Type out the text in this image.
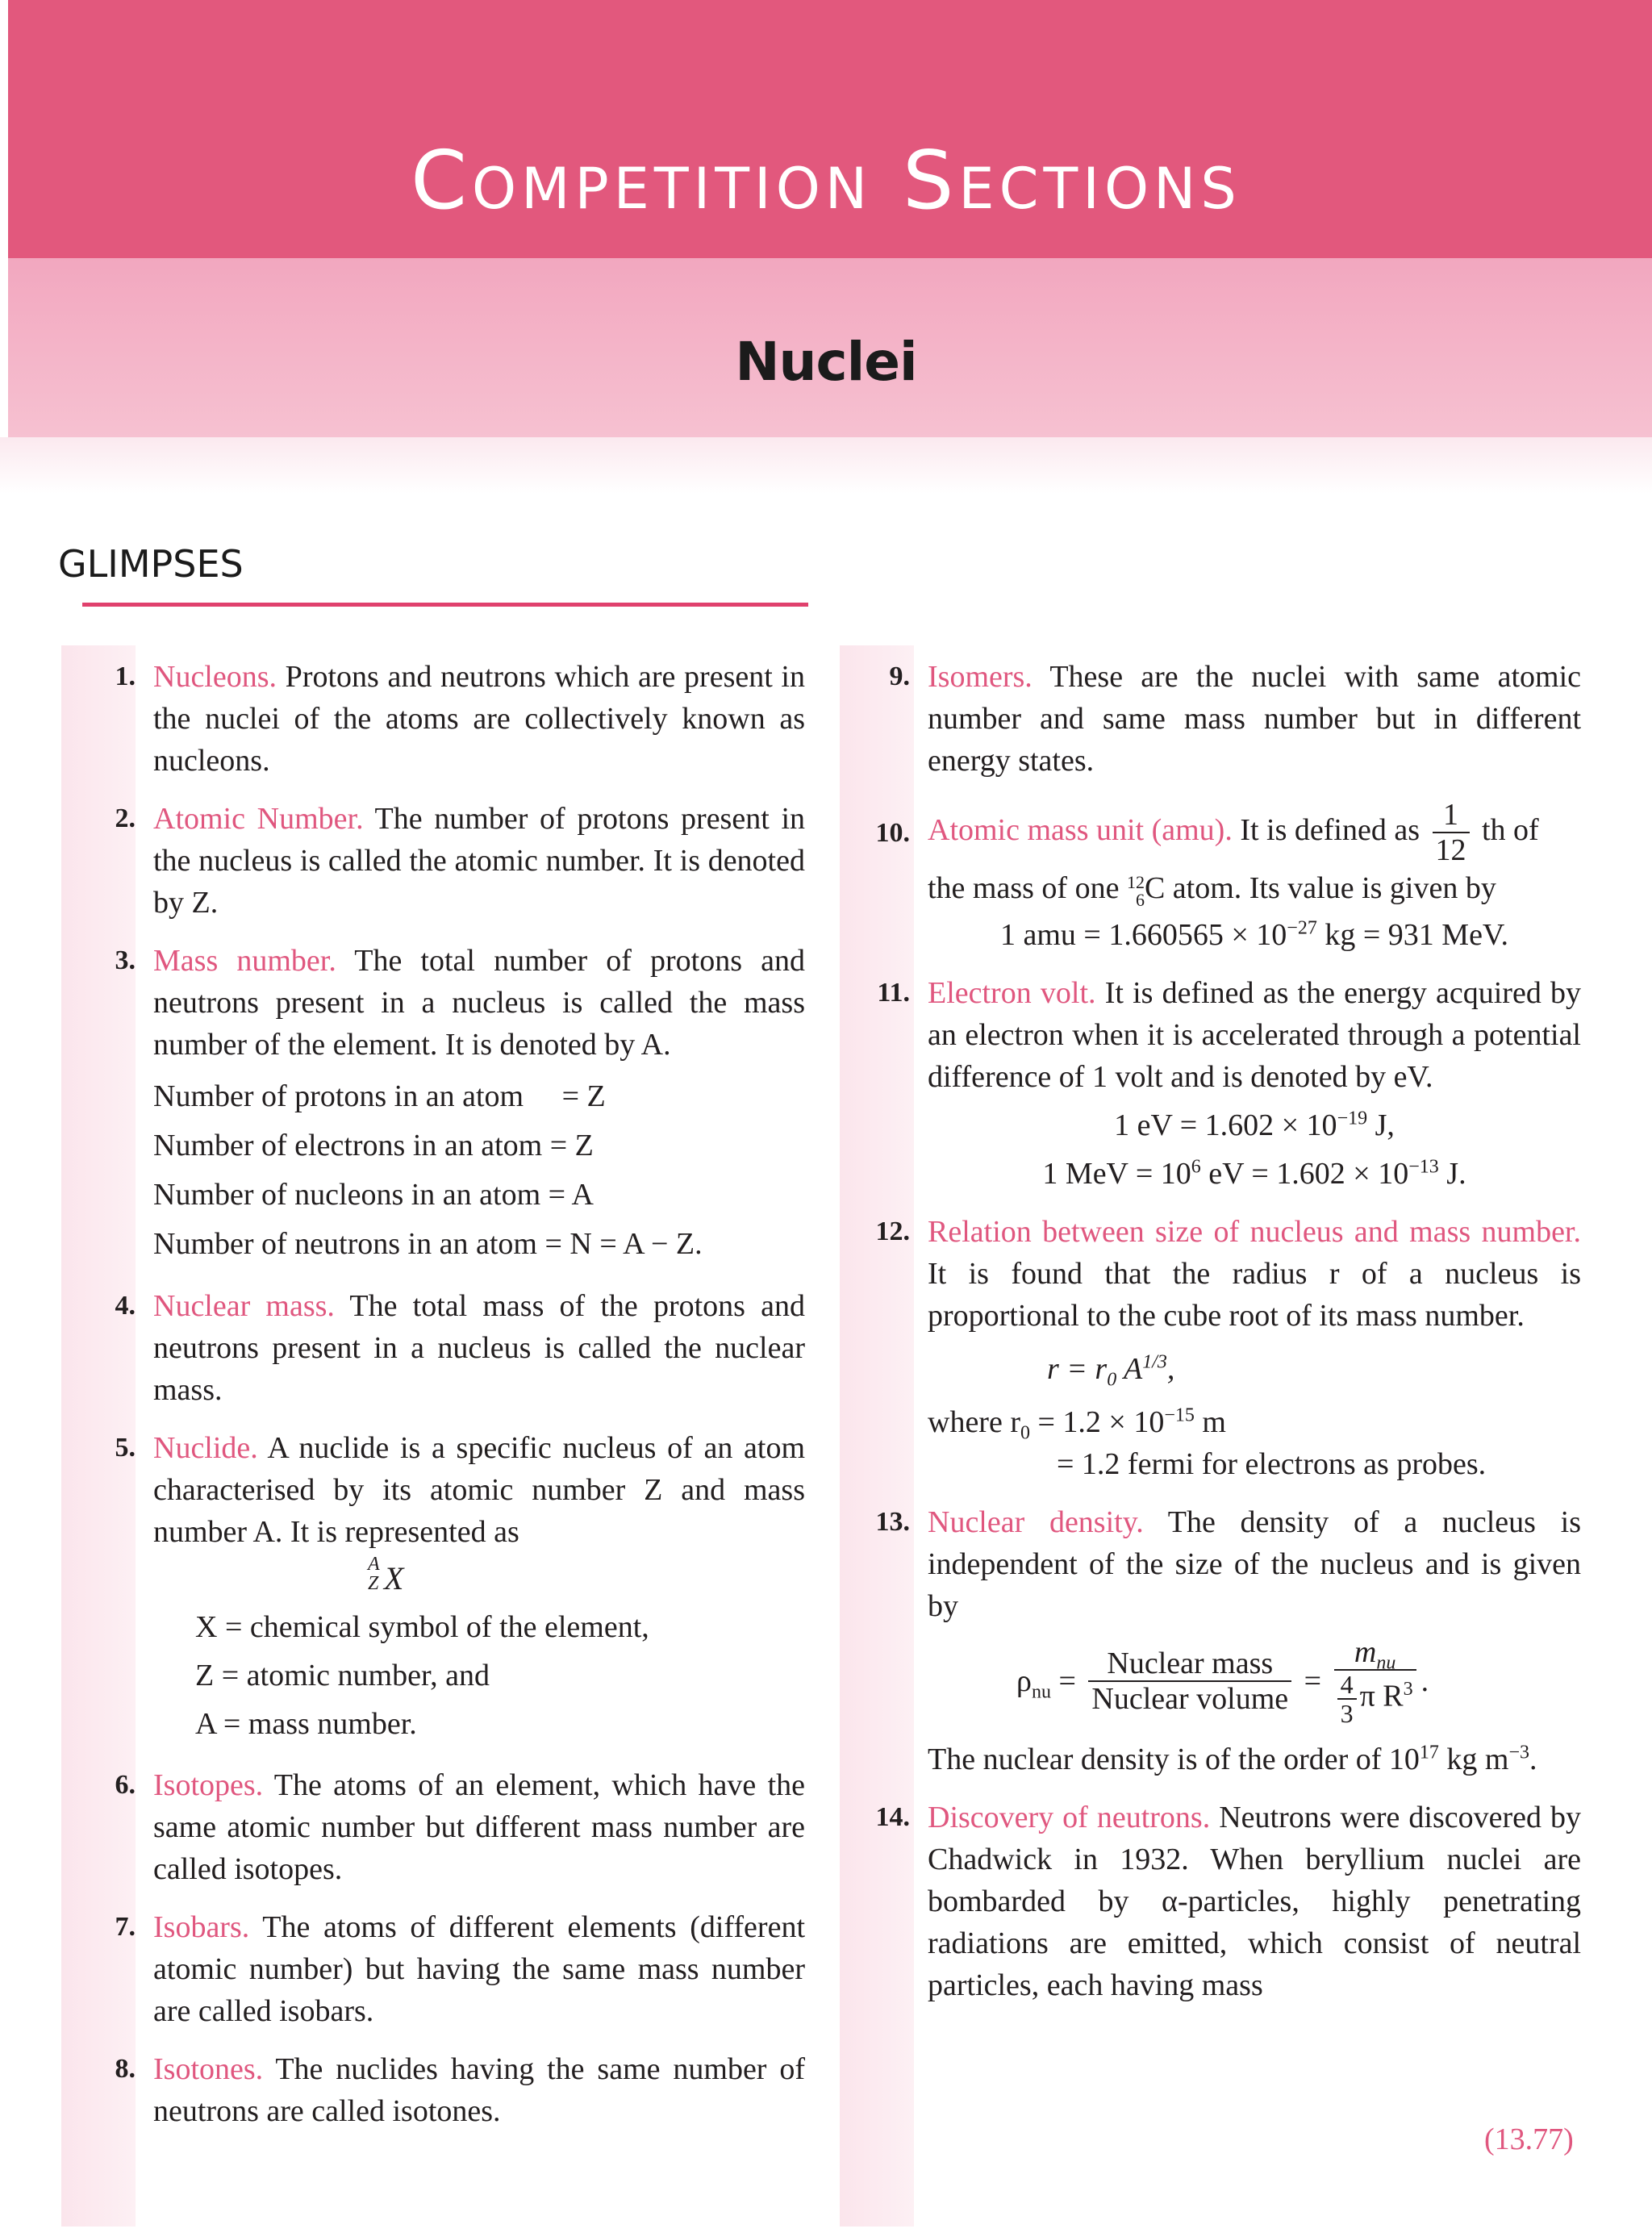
Competition Sections
Nuclei
GLIMPSES
1. Nucleons. Protons and neutrons which are present in the nuclei of the atoms are collectively known as nucleons.
2. Atomic Number. The number of protons present in the nucleus is called the atomic number. It is denoted by Z.
3. Mass number. The total number of protons and neutrons present in a nucleus is called the mass number of the element. It is denoted by A.
Number of protons in an atom     = Z
Number of electrons in an atom = Z
Number of nucleons in an atom = A
Number of neutrons in an atom = N = A − Z.
4. Nuclear mass. The total mass of the protons and neutrons present in a nucleus is called the nuclear mass.
5. Nuclide. A nuclide is a specific nucleus of an atom characterised by its atomic number Z and mass number A. It is represented as
A
Z X
X = chemical symbol of the element,
Z = atomic number, and
A = mass number.
6. Isotopes. The atoms of an element, which have the same atomic number but different mass number are called isotopes.
7. Isobars. The atoms of different elements (different atomic number) but having the same mass number are called isobars.
8. Isotones. The nuclides having the same number of neutrons are called isotones.
9. Isomers. These are the nuclei with same atomic number and same mass number but in different energy states.
10. Atomic mass unit (amu). It is defined as $\frac{1}{12}$ th of
the mass of one 12
6 C atom. Its value is given by
1 amu = $1.660565 \times 10^{-27}$ kg = 931 MeV.
11. Electron volt. It is defined as the energy acquired by an electron when it is accelerated through a potential difference of 1 volt and is denoted by eV.
1 eV = $1.602 \times 10^{-19}$ J,
1 MeV = $10^6$ eV = $1.602 \times 10^{-13}$ J.
12. Relation between size of nucleus and mass number. It is found that the radius r of a nucleus is proportional to the cube root of its mass number.
$r = r_0$ $A^{1/3}$,
where $r_0 = 1.2 \times 10^{-15}$ m
= 1.2 fermi for electrons as probes.
13. Nuclear density. The density of a nucleus is independent of the size of the nucleus and is given by
$\rho_{nu} = \frac{\text{Nuclear mass}}{\text{Nuclear volume}} = \frac{m_{nu}}{\frac{4}{3} \pi R^3}$ .
The nuclear density is of the order of $10^{17}$ kg $m^{-3}$.
14. Discovery of neutrons. Neutrons were discovered by Chadwick in 1932. When beryllium nuclei are bombarded by α-particles, highly penetrating radiations are emitted, which consist of neutral particles, each having mass
(13.77)
